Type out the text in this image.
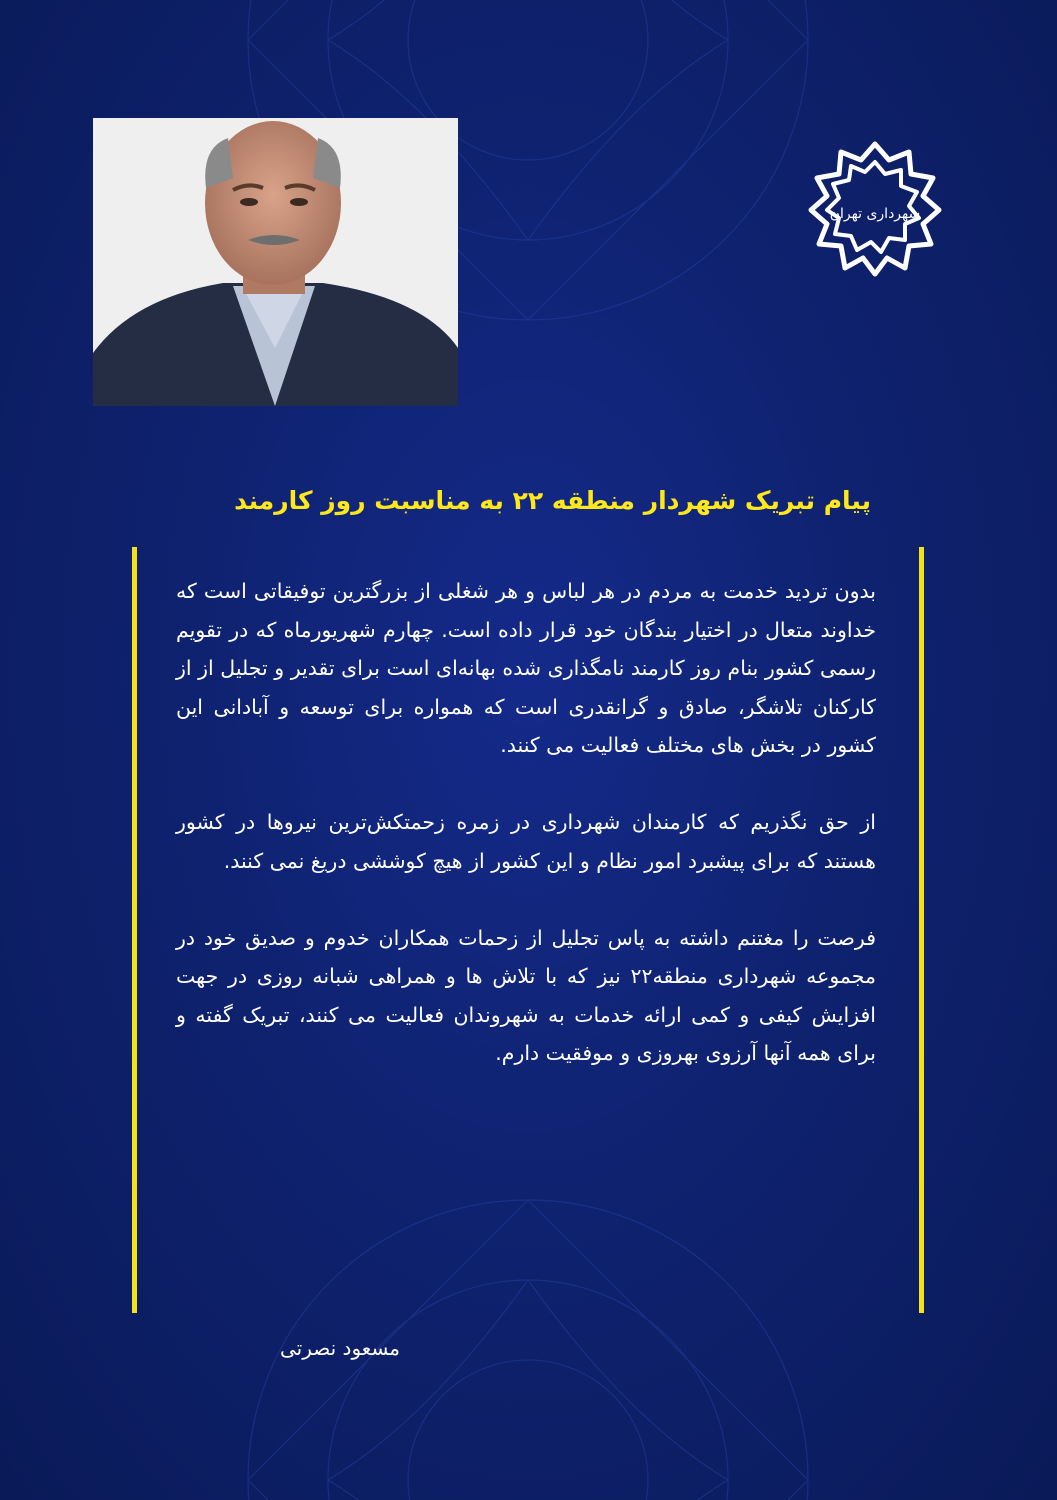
شهرداری تهران
پیام تبریک شهردار منطقه ۲۲ به مناسبت روز کارمند

بدون تردید خدمت به مردم در هر لباس و هر شغلی از بزرگترین توفیقاتی است که خداوند متعال در اختیار بندگان خود قرار داده است. چهارم شهریورماه که در تقویم رسمی کشور بنام روز کارمند نامگذاری شده بهانه‌ای است برای تقدیر و تجلیل از از کارکنان تلاشگر، صادق و گرانقدری است که همواره برای توسعه و آبادانی این کشور در بخش های مختلف فعالیت می کنند.

از حق نگذریم که کارمندان شهرداری در زمره زحمتکش‌ترین نیروها در کشور هستند که برای پیشبرد امور نظام و این کشور از هیچ کوششی دریغ نمی کنند.

فرصت را مغتنم داشته به پاس تجلیل از زحمات همکاران خدوم و صدیق خود در مجموعه شهرداری منطقه۲۲ نیز که با تلاش ها و همراهی شبانه روزی در جهت افزایش کیفی و کمی ارائه خدمات به شهروندان فعالیت می کنند، تبریک گفته و برای همه آنها آرزوی بهروزی و موفقیت دارم.

مسعود نصرتی
